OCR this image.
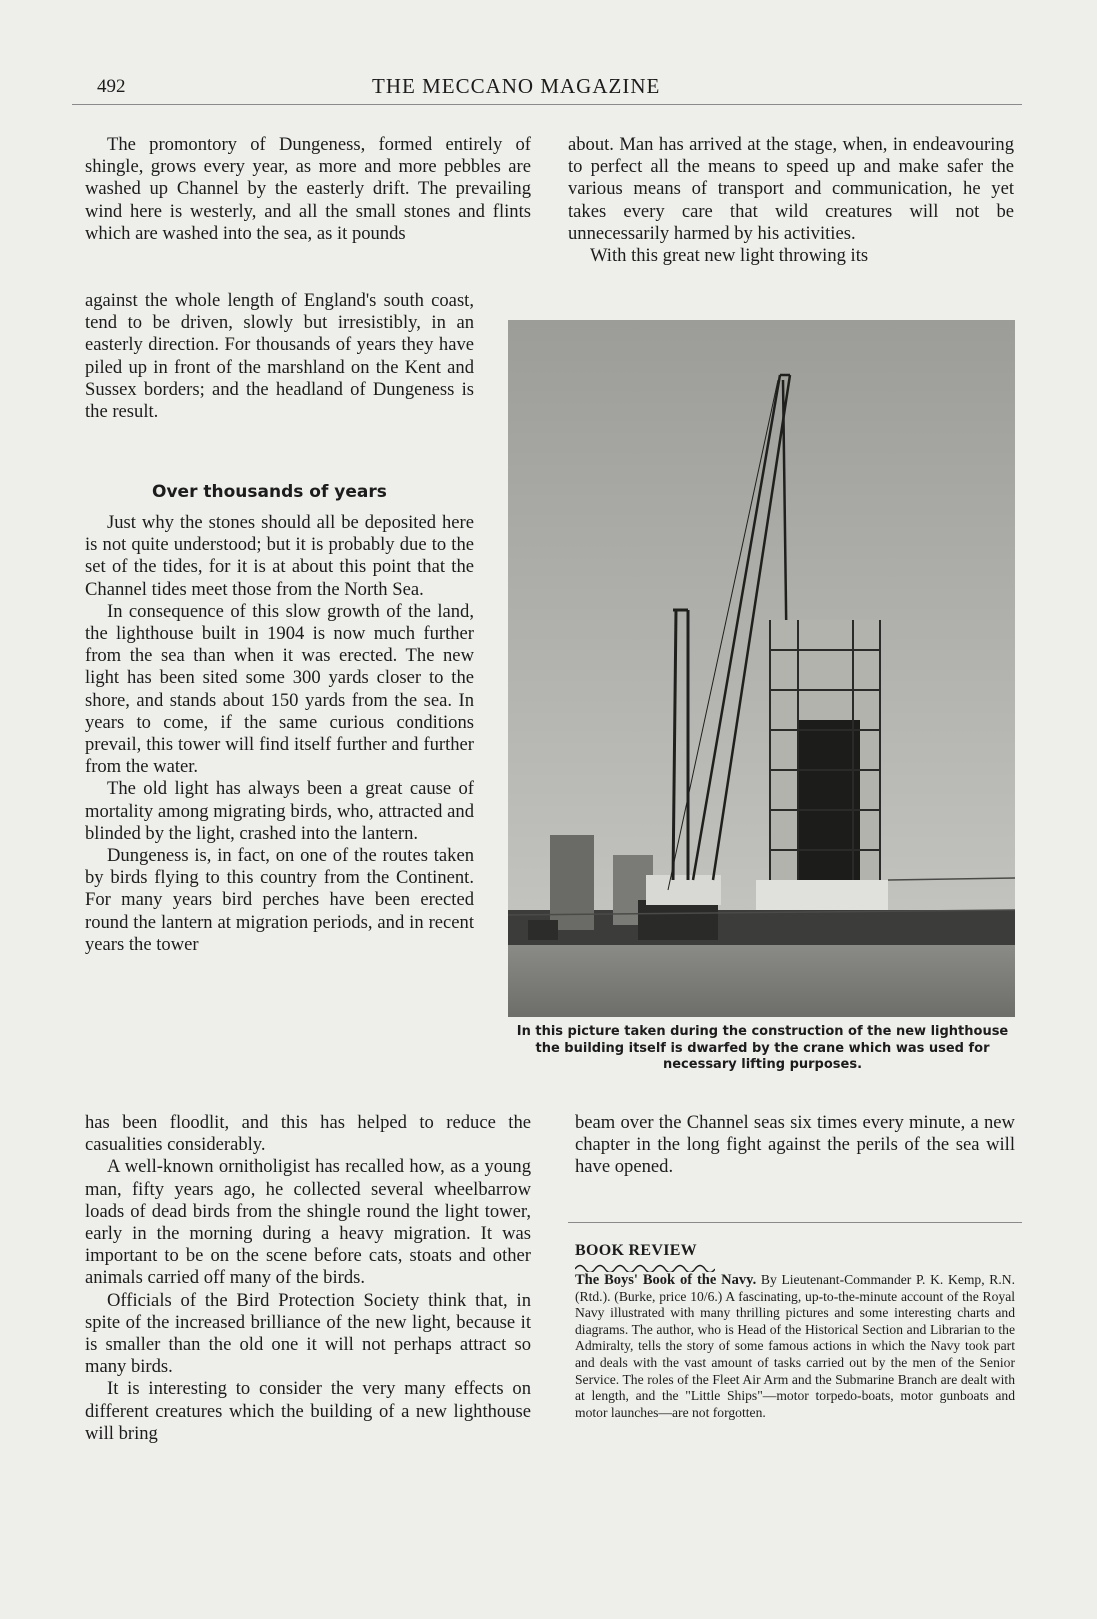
492	THE MECCANO MAGAZINE

The promontory of Dungeness, formed entirely of shingle, grows every year, as more and more pebbles are washed up Channel by the easterly drift. The prevailing wind here is westerly, and all the small stones and flints which are washed into the sea, as it pounds

against the whole length of England's south coast, tend to be driven, slowly but irresistibly, in an easterly direction. For thousands of years they have piled up in front of the marshland on the Kent and Sussex borders; and the headland of Dungeness is the result.

Over thousands of years

Just why the stones should all be deposited here is not quite understood; but it is probably due to the set of the tides, for it is at about this point that the Channel tides meet those from the North Sea.

In consequence of this slow growth of the land, the lighthouse built in 1904 is now much further from the sea than when it was erected. The new light has been sited some 300 yards closer to the shore, and stands about 150 yards from the sea. In years to come, if the same curious conditions prevail, this tower will find itself further and further from the water.

The old light has always been a great cause of mortality among migrating birds, who, attracted and blinded by the light, crashed into the lantern.

Dungeness is, in fact, on one of the routes taken by birds flying to this country from the Continent. For many years bird perches have been erected round the lantern at migration periods, and in recent years the tower

has been floodlit, and this has helped to reduce the casualities considerably.

A well-known ornitholigist has recalled how, as a young man, fifty years ago, he collected several wheelbarrow loads of dead birds from the shingle round the light tower, early in the morning during a heavy migration. It was important to be on the scene before cats, stoats and other animals carried off many of the birds.

Officials of the Bird Protection Society think that, in spite of the increased brilliance of the new light, because it is smaller than the old one it will not perhaps attract so many birds.

It is interesting to consider the very many effects on different creatures which the building of a new lighthouse will bring

about. Man has arrived at the stage, when, in endeavouring to perfect all the means to speed up and make safer the various means of transport and communication, he yet takes every care that wild creatures will not be unnecessarily harmed by his activities.

With this great new light throwing its

In this picture taken during the construction of the new lighthouse the building itself is dwarfed by the crane which was used for necessary lifting purposes.

beam over the Channel seas six times every minute, a new chapter in the long fight against the perils of the sea will have opened.

BOOK REVIEW
The Boys' Book of the Navy. By Lieutenant-Commander P. K. Kemp, R.N. (Rtd.). (Burke, price 10/6.) A fascinating, up-to-the-minute account of the Royal Navy illustrated with many thrilling pictures and some interesting charts and diagrams. The author, who is Head of the Historical Section and Librarian to the Admiralty, tells the story of some famous actions in which the Navy took part and deals with the vast amount of tasks carried out by the men of the Senior Service. The roles of the Fleet Air Arm and the Submarine Branch are dealt with at length, and the "Little Ships"—motor torpedo-boats, motor gunboats and motor launches—are not forgotten.
